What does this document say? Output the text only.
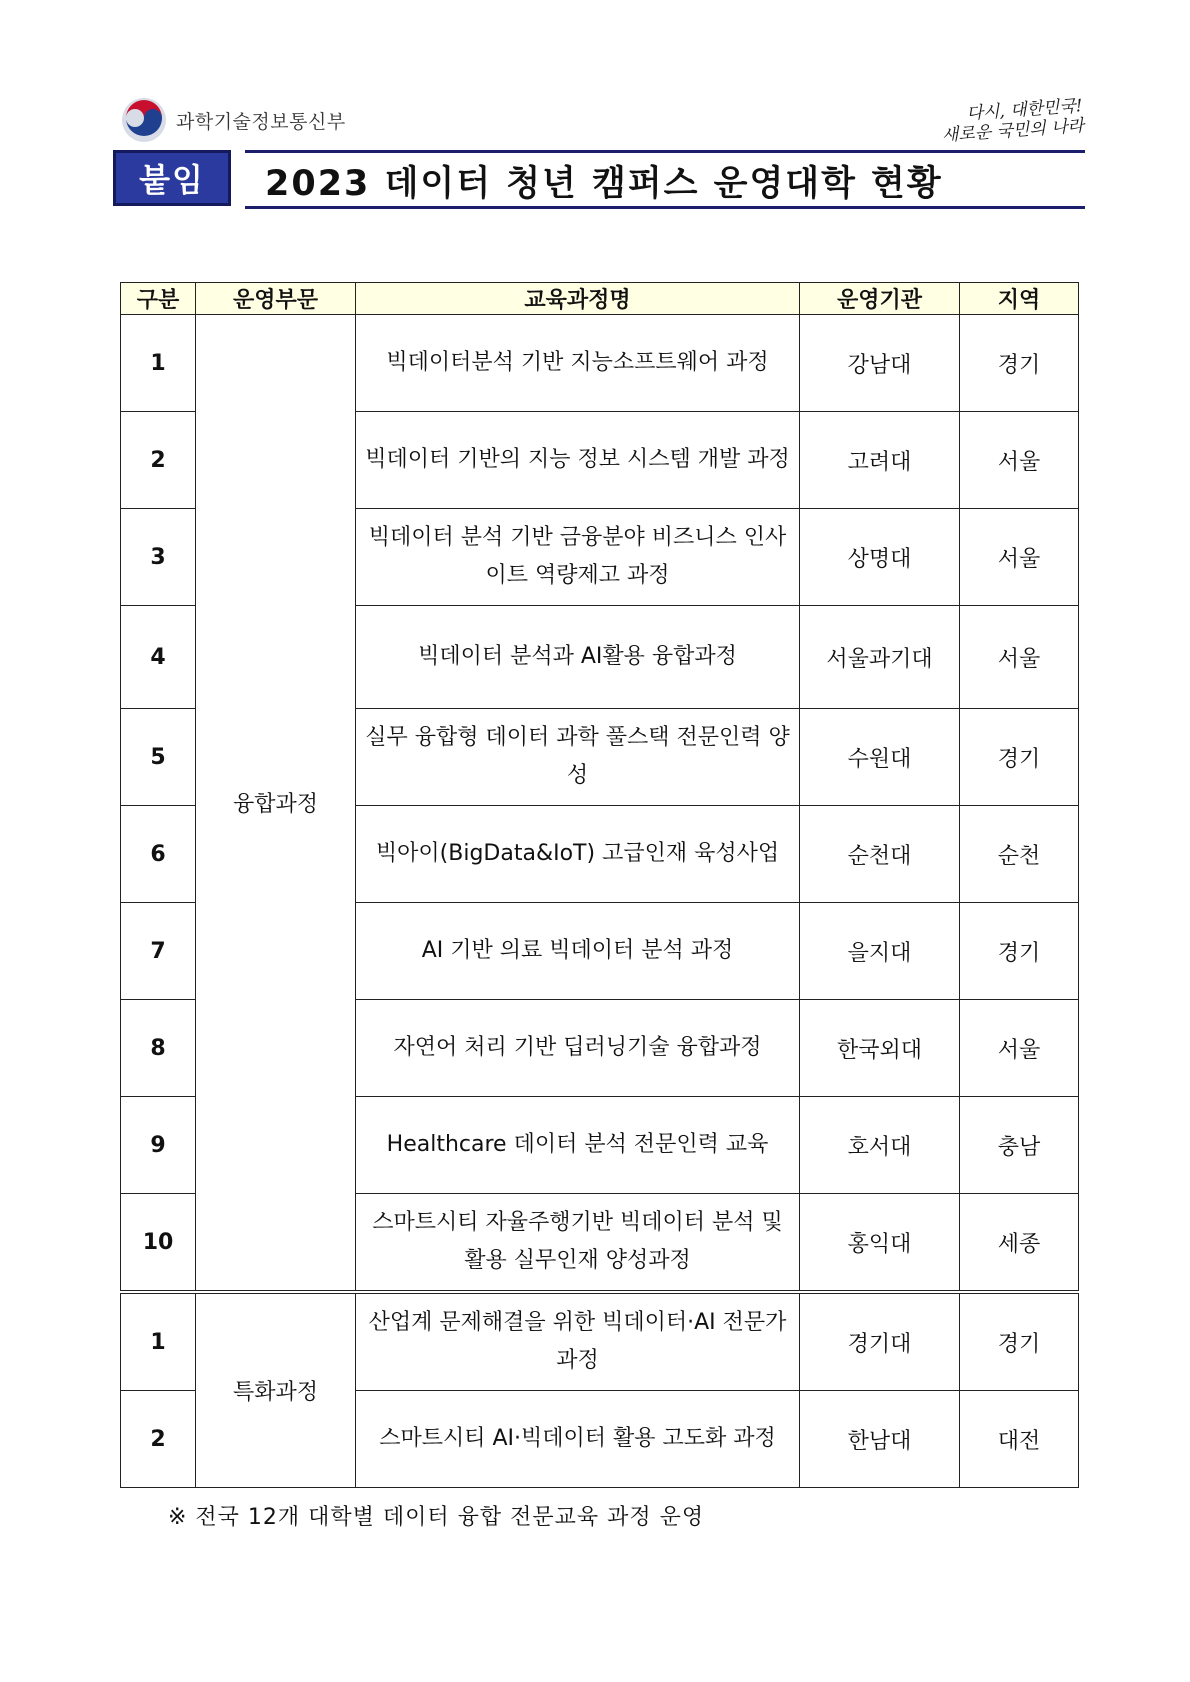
과학기술정보통신부	다시, 대한민국!
새로운 국민의 나라
붙임	2023 데이터 청년 캠퍼스 운영대학 현황
구분	운영부문	교육과정명	운영기관	지역
1	융합과정	빅데이터분석 기반 지능소프트웨어 과정	강남대	경기
2		빅데이터 기반의 지능 정보 시스템 개발 과정	고려대	서울
3		빅데이터 분석 기반 금융분야 비즈니스 인사이트 역량제고 과정	상명대	서울
4		빅데이터 분석과 AI활용 융합과정	서울과기대	서울
5		실무 융합형 데이터 과학 풀스택 전문인력 양성	수원대	경기
6		빅아이(BigData&IoT) 고급인재 육성사업	순천대	순천
7		AI 기반 의료 빅데이터 분석 과정	을지대	경기
8		자연어 처리 기반 딥러닝기술 융합과정	한국외대	서울
9		Healthcare 데이터 분석 전문인력 교육	호서대	충남
10		스마트시티 자율주행기반 빅데이터 분석 및 활용 실무인재 양성과정	홍익대	세종
1	특화과정	산업계 문제해결을 위한 빅데이터·AI 전문가 과정	경기대	경기
2		스마트시티 AI·빅데이터 활용 고도화 과정	한남대	대전
※ 전국 12개 대학별 데이터 융합 전문교육 과정 운영
